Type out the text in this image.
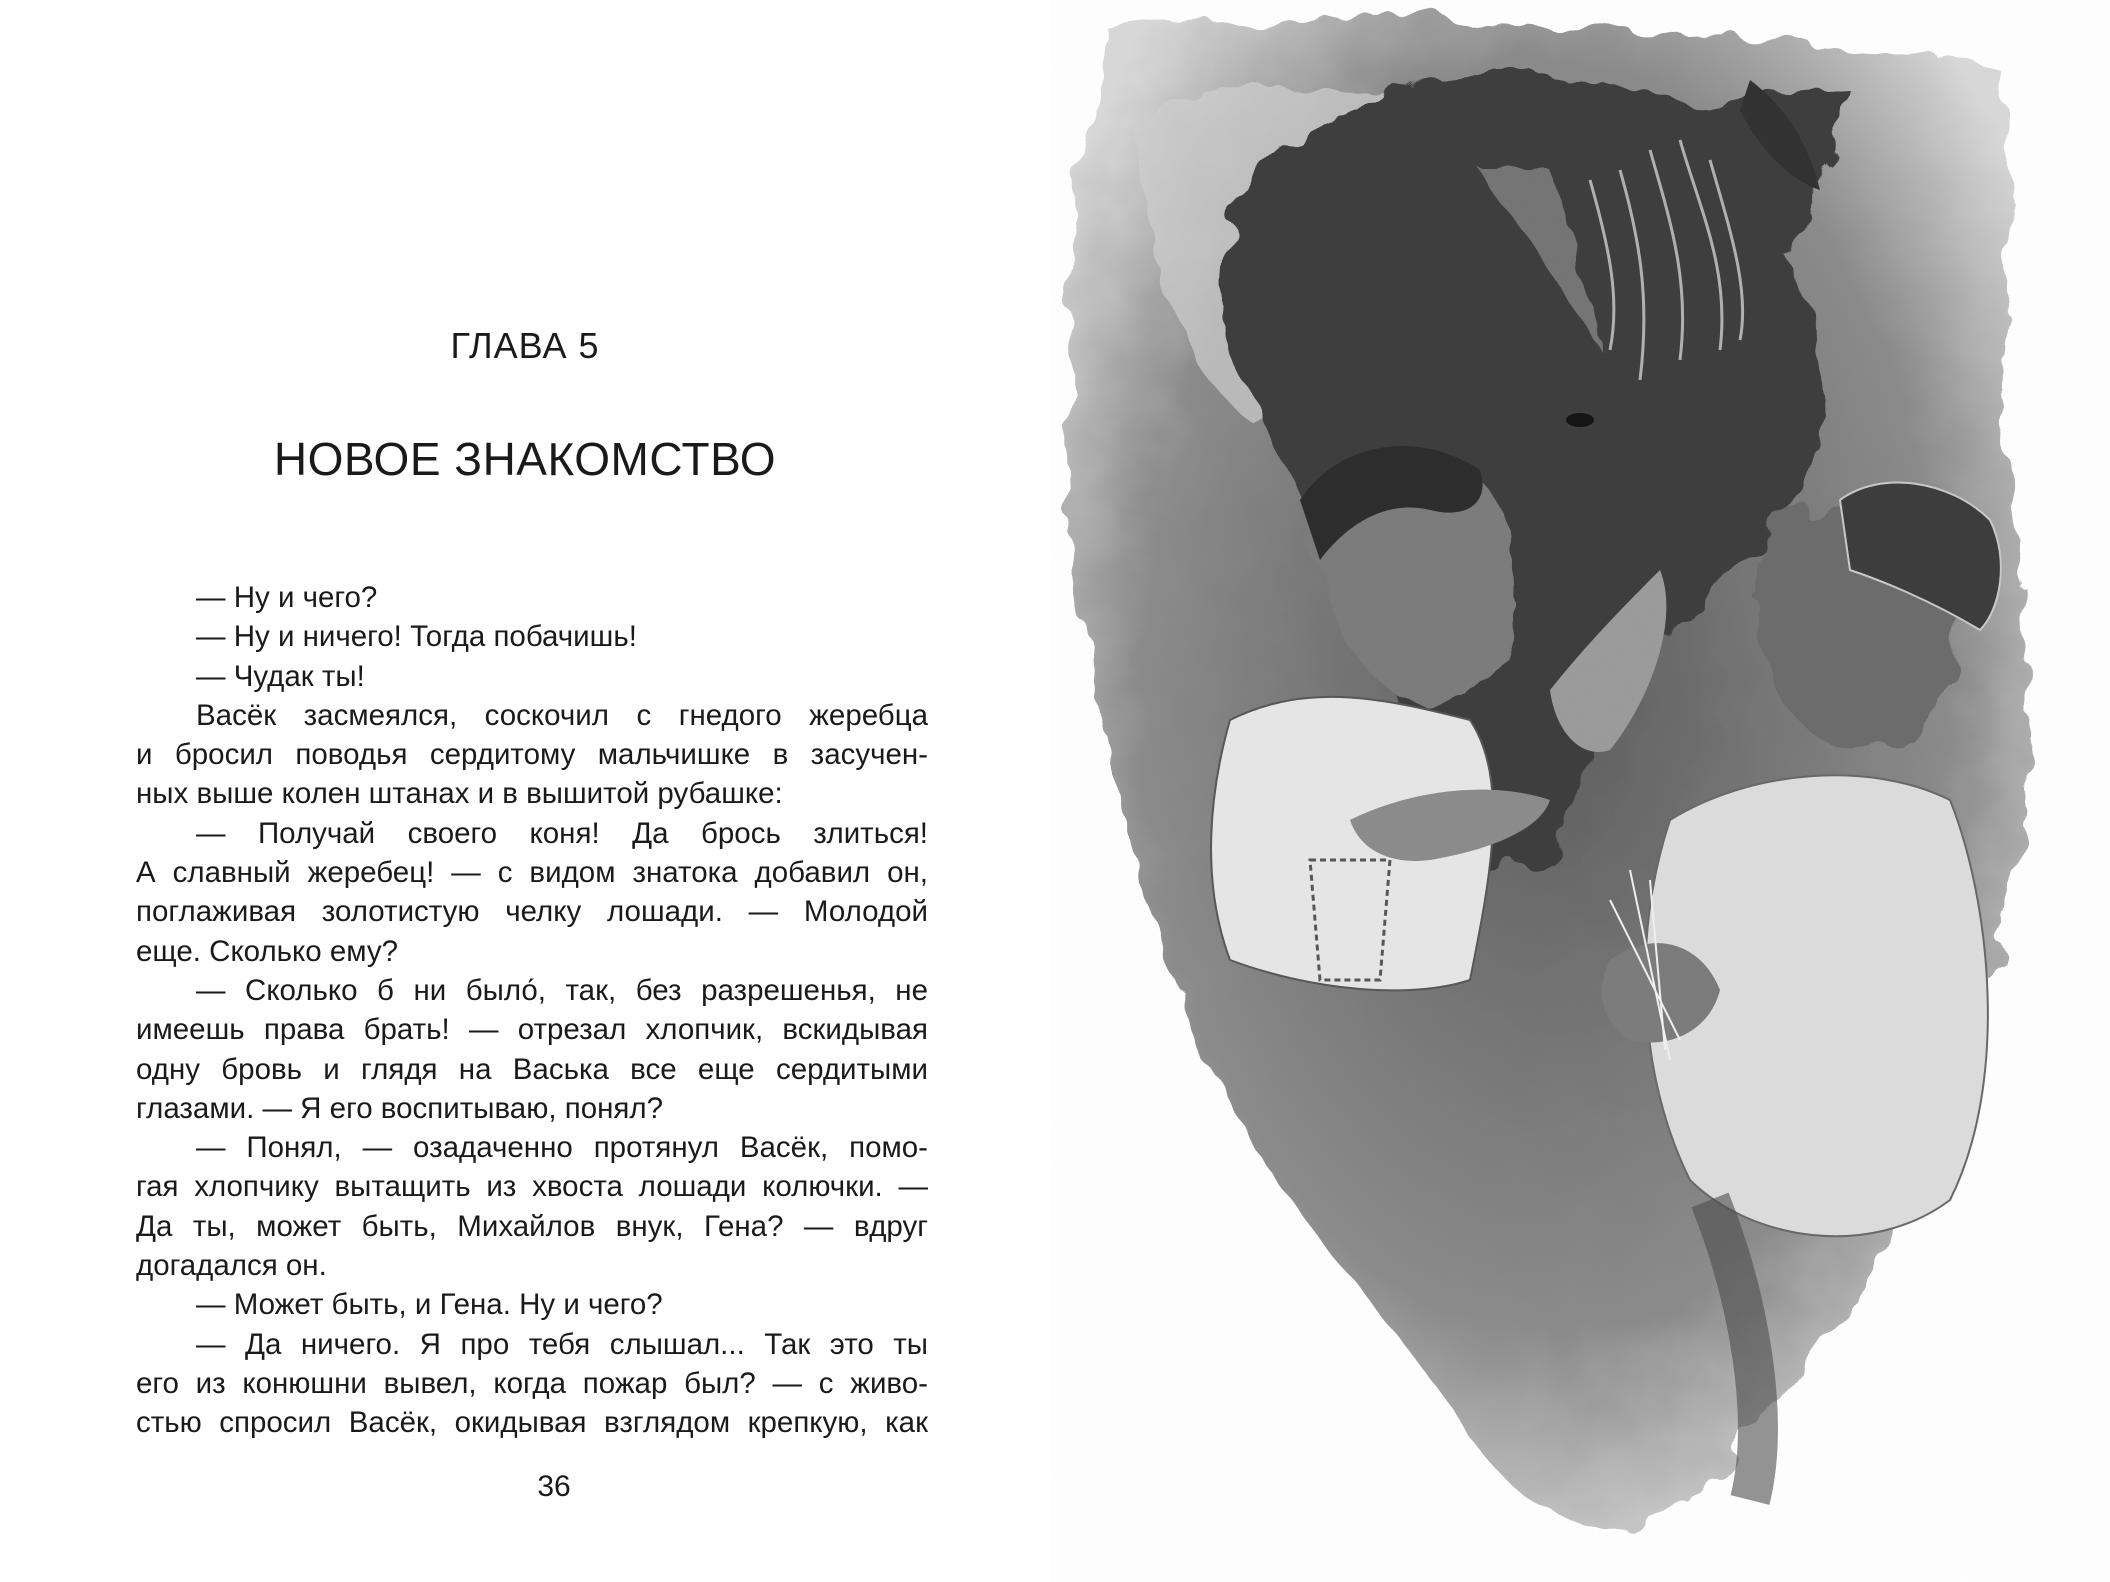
ГЛАВА 5
НОВОЕ ЗНАКОМСТВО
— Ну и чего?
— Ну и ничего! Тогда побачишь!
— Чудак ты!
Васёк засмеялся, соскочил с гнедого жеребца
и бросил поводья сердитому мальчишке в засучен-
ных выше колен штанах и в вышитой рубашке:
— Получай своего коня! Да брось злиться!
А славный жеребец! — с видом знатока добавил он,
поглаживая золотистую челку лошади. — Молодой
еще. Сколько ему?
— Сколько б ни было́, так, без разрешенья, не
имеешь права брать! — отрезал хлопчик, вскидывая
одну бровь и глядя на Васька все еще сердитыми
глазами. — Я его воспитываю, понял?
— Понял, — озадаченно протянул Васёк, помо-
гая хлопчику вытащить из хвоста лошади колючки. —
Да ты, может быть, Михайлов внук, Гена? — вдруг
догадался он.
— Может быть, и Гена. Ну и чего?
— Да ничего. Я про тебя слышал... Так это ты
его из конюшни вывел, когда пожар был? — с живо-
стью спросил Васёк, окидывая взглядом крепкую, как
36
